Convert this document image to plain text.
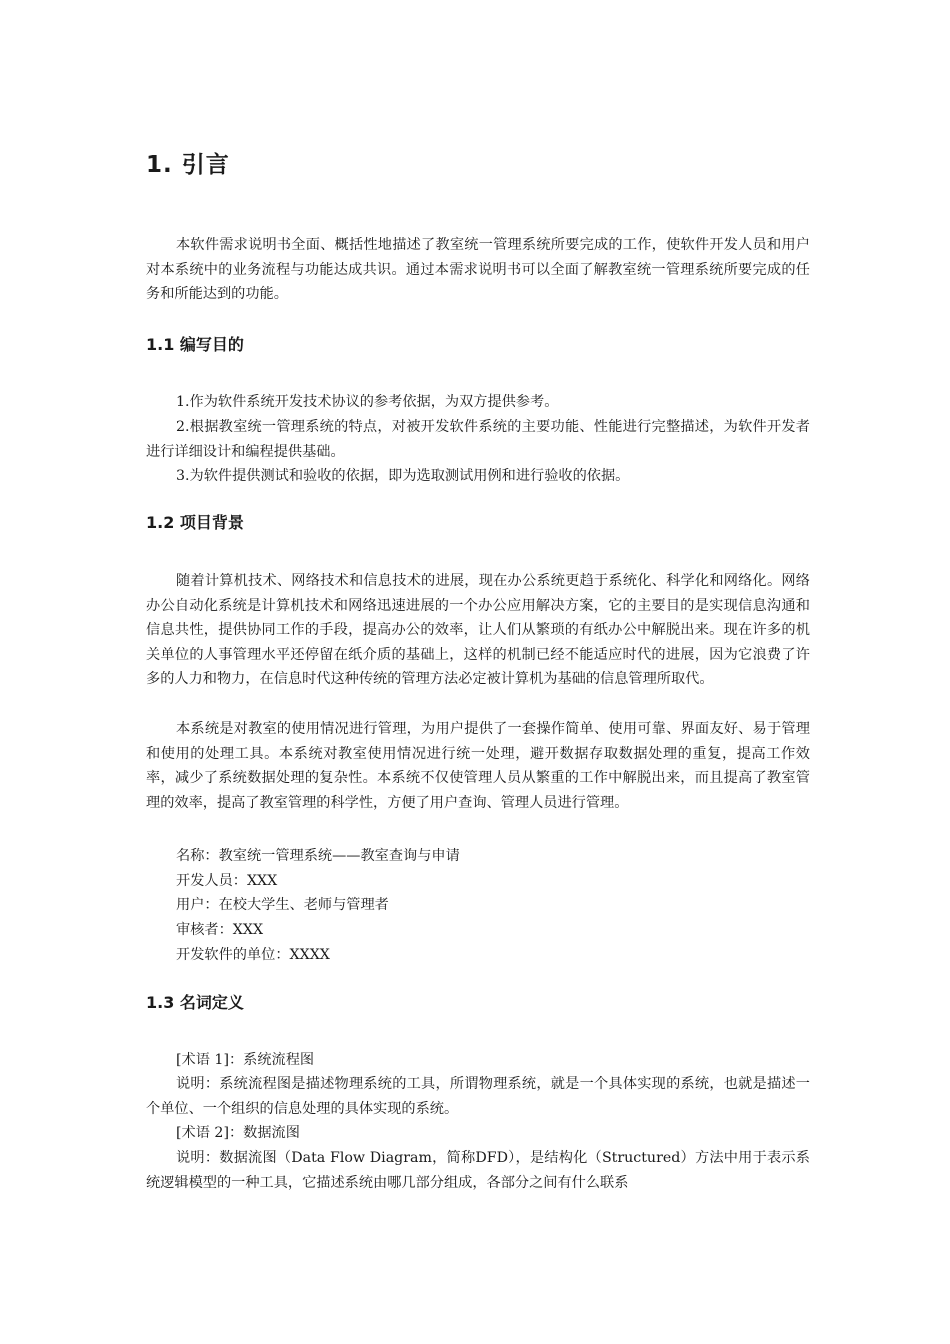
1. 引言

本软件需求说明书全面、概括性地描述了教室统一管理系统所要完成的工作，使软件开发人员和用户对本系统中的业务流程与功能达成共识。通过本需求说明书可以全面了解教室统一管理系统所要完成的任务和所能达到的功能。

1.1 编写目的

1.作为软件系统开发技术协议的参考依据，为双方提供参考。

2.根据教室统一管理系统的特点，对被开发软件系统的主要功能、性能进行完整描述，为软件开发者进行详细设计和编程提供基础。

3.为软件提供测试和验收的依据，即为选取测试用例和进行验收的依据。

1.2 项目背景

随着计算机技术、网络技术和信息技术的进展，现在办公系统更趋于系统化、科学化和网络化。网络办公自动化系统是计算机技术和网络迅速进展的一个办公应用解决方案，它的主要目的是实现信息沟通和信息共性，提供协同工作的手段，提高办公的效率，让人们从繁琐的有纸办公中解脱出来。现在许多的机关单位的人事管理水平还停留在纸介质的基础上，这样的机制已经不能适应时代的进展，因为它浪费了许多的人力和物力，在信息时代这种传统的管理方法必定被计算机为基础的信息管理所取代。

本系统是对教室的使用情况进行管理，为用户提供了一套操作简单、使用可靠、界面友好、易于管理和使用的处理工具。本系统对教室使用情况进行统一处理，避开数据存取数据处理的重复，提高工作效率，减少了系统数据处理的复杂性。本系统不仅使管理人员从繁重的工作中解脱出来，而且提高了教室管理的效率，提高了教室管理的科学性，方便了用户查询、管理人员进行管理。

名称：教室统一管理系统——教室查询与申请

开发人员：XXX

用户：在校大学生、老师与管理者

审核者：XXX

开发软件的单位：XXXX

1.3 名词定义

[术语 1]：系统流程图

说明：系统流程图是描述物理系统的工具，所谓物理系统，就是一个具体实现的系统，也就是描述一个单位、一个组织的信息处理的具体实现的系统。

[术语 2]：数据流图

说明：数据流图（Data Flow Diagram，简称DFD），是结构化（Structured）方法中用于表示系统逻辑模型的一种工具，它描述系统由哪几部分组成，各部分之间有什么联系
